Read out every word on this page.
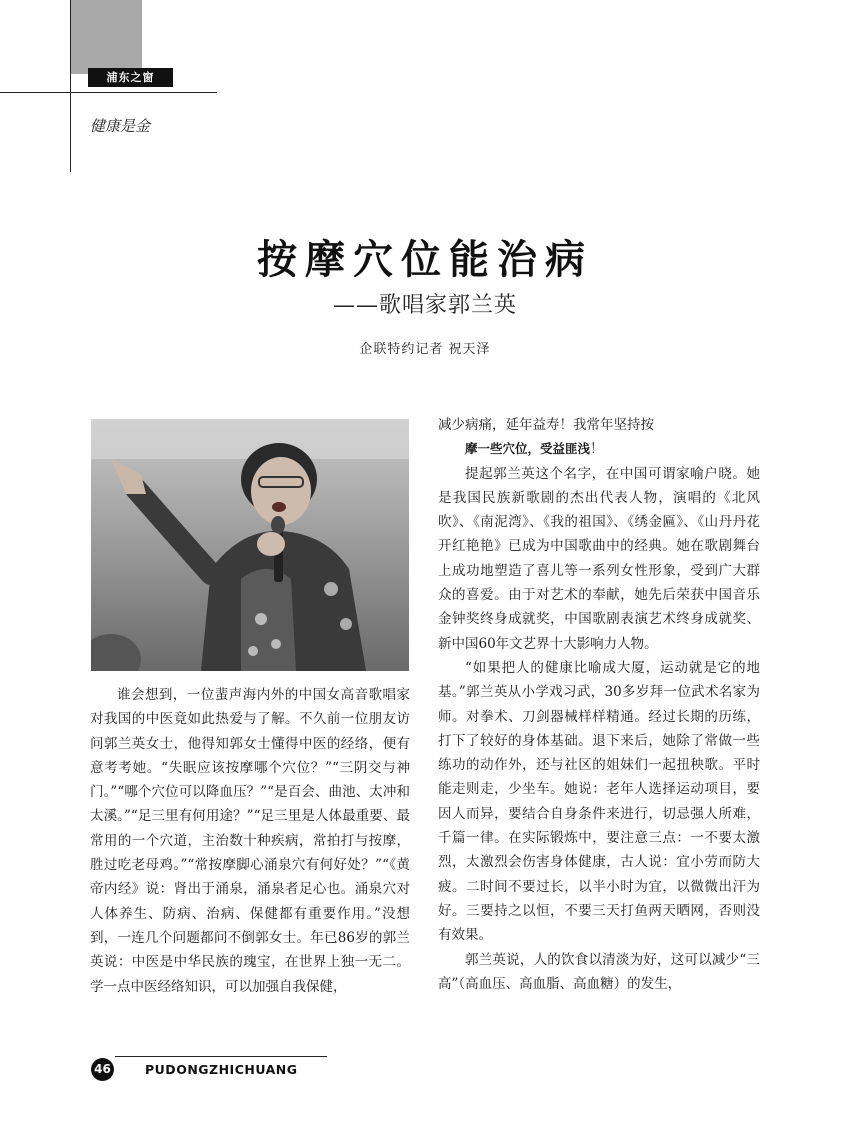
浦东之窗
健康是金
按摩穴位能治病
——歌唱家郭兰英
企联特约记者 祝天泽

谁会想到，一位蜚声海内外的中国女高音歌唱家对我国的中医竟如此热爱与了解。不久前一位朋友访问郭兰英女士，他得知郭女士懂得中医的经络，便有意考考她。“失眠应该按摩哪个穴位？”“三阴交与神门。”“哪个穴位可以降血压？”“是百会、曲池、太冲和太溪。”“足三里有何用途？”“足三里是人体最重要、最常用的一个穴道，主治数十种疾病，常拍打与按摩，胜过吃老母鸡。”“常按摩脚心涌泉穴有何好处？”“《黄帝内经》说：肾出于涌泉，涌泉者足心也。涌泉穴对人体养生、防病、治病、保健都有重要作用。”没想到，一连几个问题都问不倒郭女士。年已86岁的郭兰英说：中医是中华民族的瑰宝，在世界上独一无二。学一点中医经络知识，可以加强自我保健，

减少病痛，延年益寿！我常年坚持按

摩一些穴位，受益匪浅！

提起郭兰英这个名字，在中国可谓家喻户晓。她是我国民族新歌剧的杰出代表人物，演唱的《北风吹》、《南泥湾》、《我的祖国》、《绣金匾》、《山丹丹花开红艳艳》已成为中国歌曲中的经典。她在歌剧舞台上成功地塑造了喜儿等一系列女性形象，受到广大群众的喜爱。由于对艺术的奉献，她先后荣获中国音乐金钟奖终身成就奖，中国歌剧表演艺术终身成就奖、新中国60年文艺界十大影响力人物。

“如果把人的健康比喻成大厦，运动就是它的地基。”郭兰英从小学戏习武，30多岁拜一位武术名家为师。对拳术、刀剑器械样样精通。经过长期的历练，打下了较好的身体基础。退下来后，她除了常做一些练功的动作外，还与社区的姐妹们一起扭秧歌。平时能走则走，少坐车。她说：老年人选择运动项目，要因人而异，要结合自身条件来进行，切忌强人所难，千篇一律。在实际锻炼中，要注意三点：一不要太激烈，太激烈会伤害身体健康，古人说：宜小劳而防大疲。二时间不要过长，以半小时为宜，以微微出汗为好。三要持之以恒，不要三天打鱼两天晒网，否则没有效果。

郭兰英说，人的饮食以清淡为好，这可以减少“三高”（高血压、高血脂、高血糖）的发生，

46	PUDONGZHICHUANG
